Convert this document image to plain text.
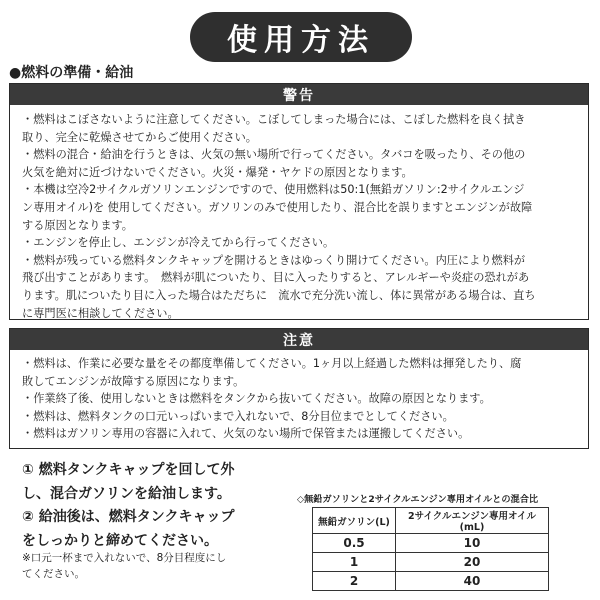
使用方法
●燃料の準備・給油
警告
・燃料はこぼさないように注意してください。こぼしてしまった場合には、こぼした燃料を良く拭き
取り、完全に乾燥させてからご使用ください。
・燃料の混合・給油を行うときは、火気の無い場所で行ってください。タバコを吸ったり、その他の
火気を絶対に近づけないでください。火災・爆発・ヤケドの原因となります。
・本機は空冷2サイクルガソリンエンジンですので、使用燃料は50:1(無鉛ガソリン:2サイクルエンジ
ン専用オイル)を 使用してください。ガソリンのみで使用したり、混合比を誤りますとエンジンが故障
する原因となります。
・エンジンを停止し、エンジンが冷えてから行ってください。
・燃料が残っている燃料タンクキャップを開けるときはゆっくり開けてください。内圧により燃料が
飛び出すことがあります。　燃料が肌についたり、目に入ったりすると、アレルギーや炎症の恐れがあ
ります。肌についたり目に入った場合はただちに　流水で充分洗い流し、体に異常がある場合は、直ち
に専門医に相談してください。
注意
・燃料は、作業に必要な量をその都度準備してください。1ヶ月以上経過した燃料は揮発したり、腐
敗してエンジンが故障する原因になります。
・作業終了後、使用しないときは燃料をタンクから抜いてください。故障の原因となります。
・燃料は、燃料タンクの口元いっぱいまで入れないで、8分目位までとしてください。
・燃料はガソリン専用の容器に入れて、火気のない場所で保管または運搬してください。
① 燃料タンクキャップを回して外
し、混合ガソリンを給油します。
② 給油後は、燃料タンクキャップ
をしっかりと締めてください。
※口元一杯まで入れないで、8分目程度にし
てください。
◇無鉛ガソリンと2サイクルエンジン専用オイルとの混合比
無鉛ガソリン(L)	2サイクルエンジン専用オイル(mL)
0.5	10
1	20
2	40
